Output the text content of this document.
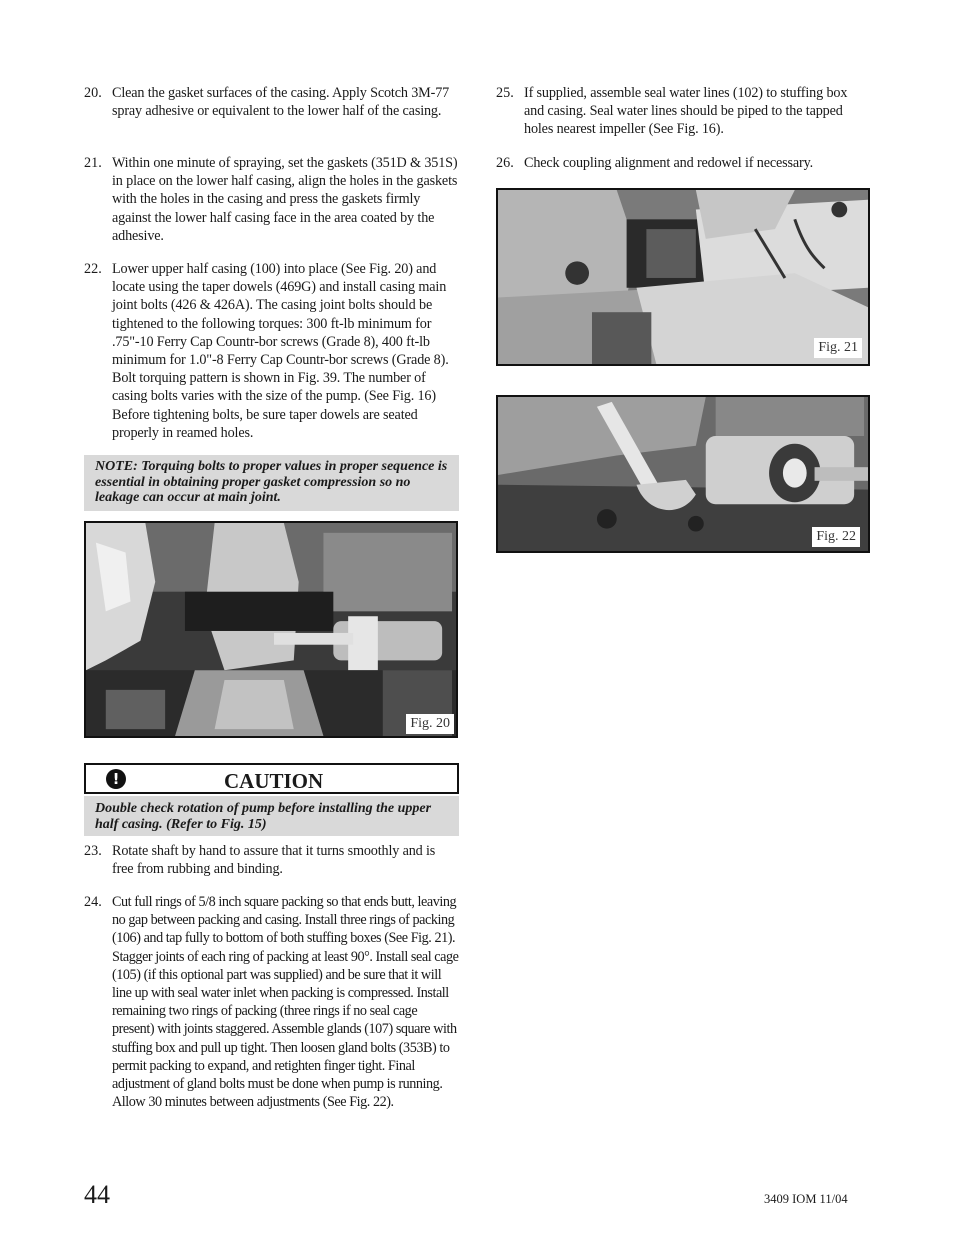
20. Clean the gasket surfaces of the casing. Apply Scotch 3M-77 spray adhesive or equivalent to the lower half of the casing.
21. Within one minute of spraying, set the gaskets (351D & 351S) in place on the lower half casing, align the holes in the gaskets with the holes in the casing and press the gaskets firmly against the lower half casing face in the area coated by the adhesive.
22. Lower upper half casing (100) into place (See Fig. 20) and locate using the taper dowels (469G) and install casing main joint bolts (426 & 426A). The casing joint bolts should be tightened to the following torques: 300 ft-lb minimum for .75"-10 Ferry Cap Countr-bor screws (Grade 8), 400 ft-lb minimum for 1.0"-8 Ferry Cap Countr-bor screws (Grade 8). Bolt torquing pattern is shown in Fig. 39. The number of casing bolts varies with the size of the pump. (See Fig. 16) Before tightening bolts, be sure taper dowels are seated properly in reamed holes.
NOTE: Torquing bolts to proper values in proper sequence is essential in obtaining proper gasket compression so no leakage can occur at main joint.
Fig. 20
!	CAUTION
Double check rotation of pump before installing the upper half casing. (Refer to Fig. 15)
23. Rotate shaft by hand to assure that it turns smoothly and is free from rubbing and binding.
24. Cut full rings of 5/8 inch square packing so that ends butt, leaving no gap between packing and casing. Install three rings of packing (106) and tap fully to bottom of both stuffing boxes (See Fig. 21). Stagger joints of each ring of packing at least 90°. Install seal cage (105) (if this optional part was supplied) and be sure that it will line up with seal water inlet when packing is compressed. Install remaining two rings of packing (three rings if no seal cage present) with joints staggered. Assemble glands (107) square with stuffing box and pull up tight. Then loosen gland bolts (353B) to permit packing to expand, and retighten finger tight. Final adjustment of gland bolts must be done when pump is running. Allow 30 minutes between adjustments (See Fig. 22).
25. If supplied, assemble seal water lines (102) to stuffing box and casing. Seal water lines should be piped to the tapped holes nearest impeller (See Fig. 16).
26. Check coupling alignment and redowel if necessary.
Fig. 21
Fig. 22
44	3409 IOM 11/04
